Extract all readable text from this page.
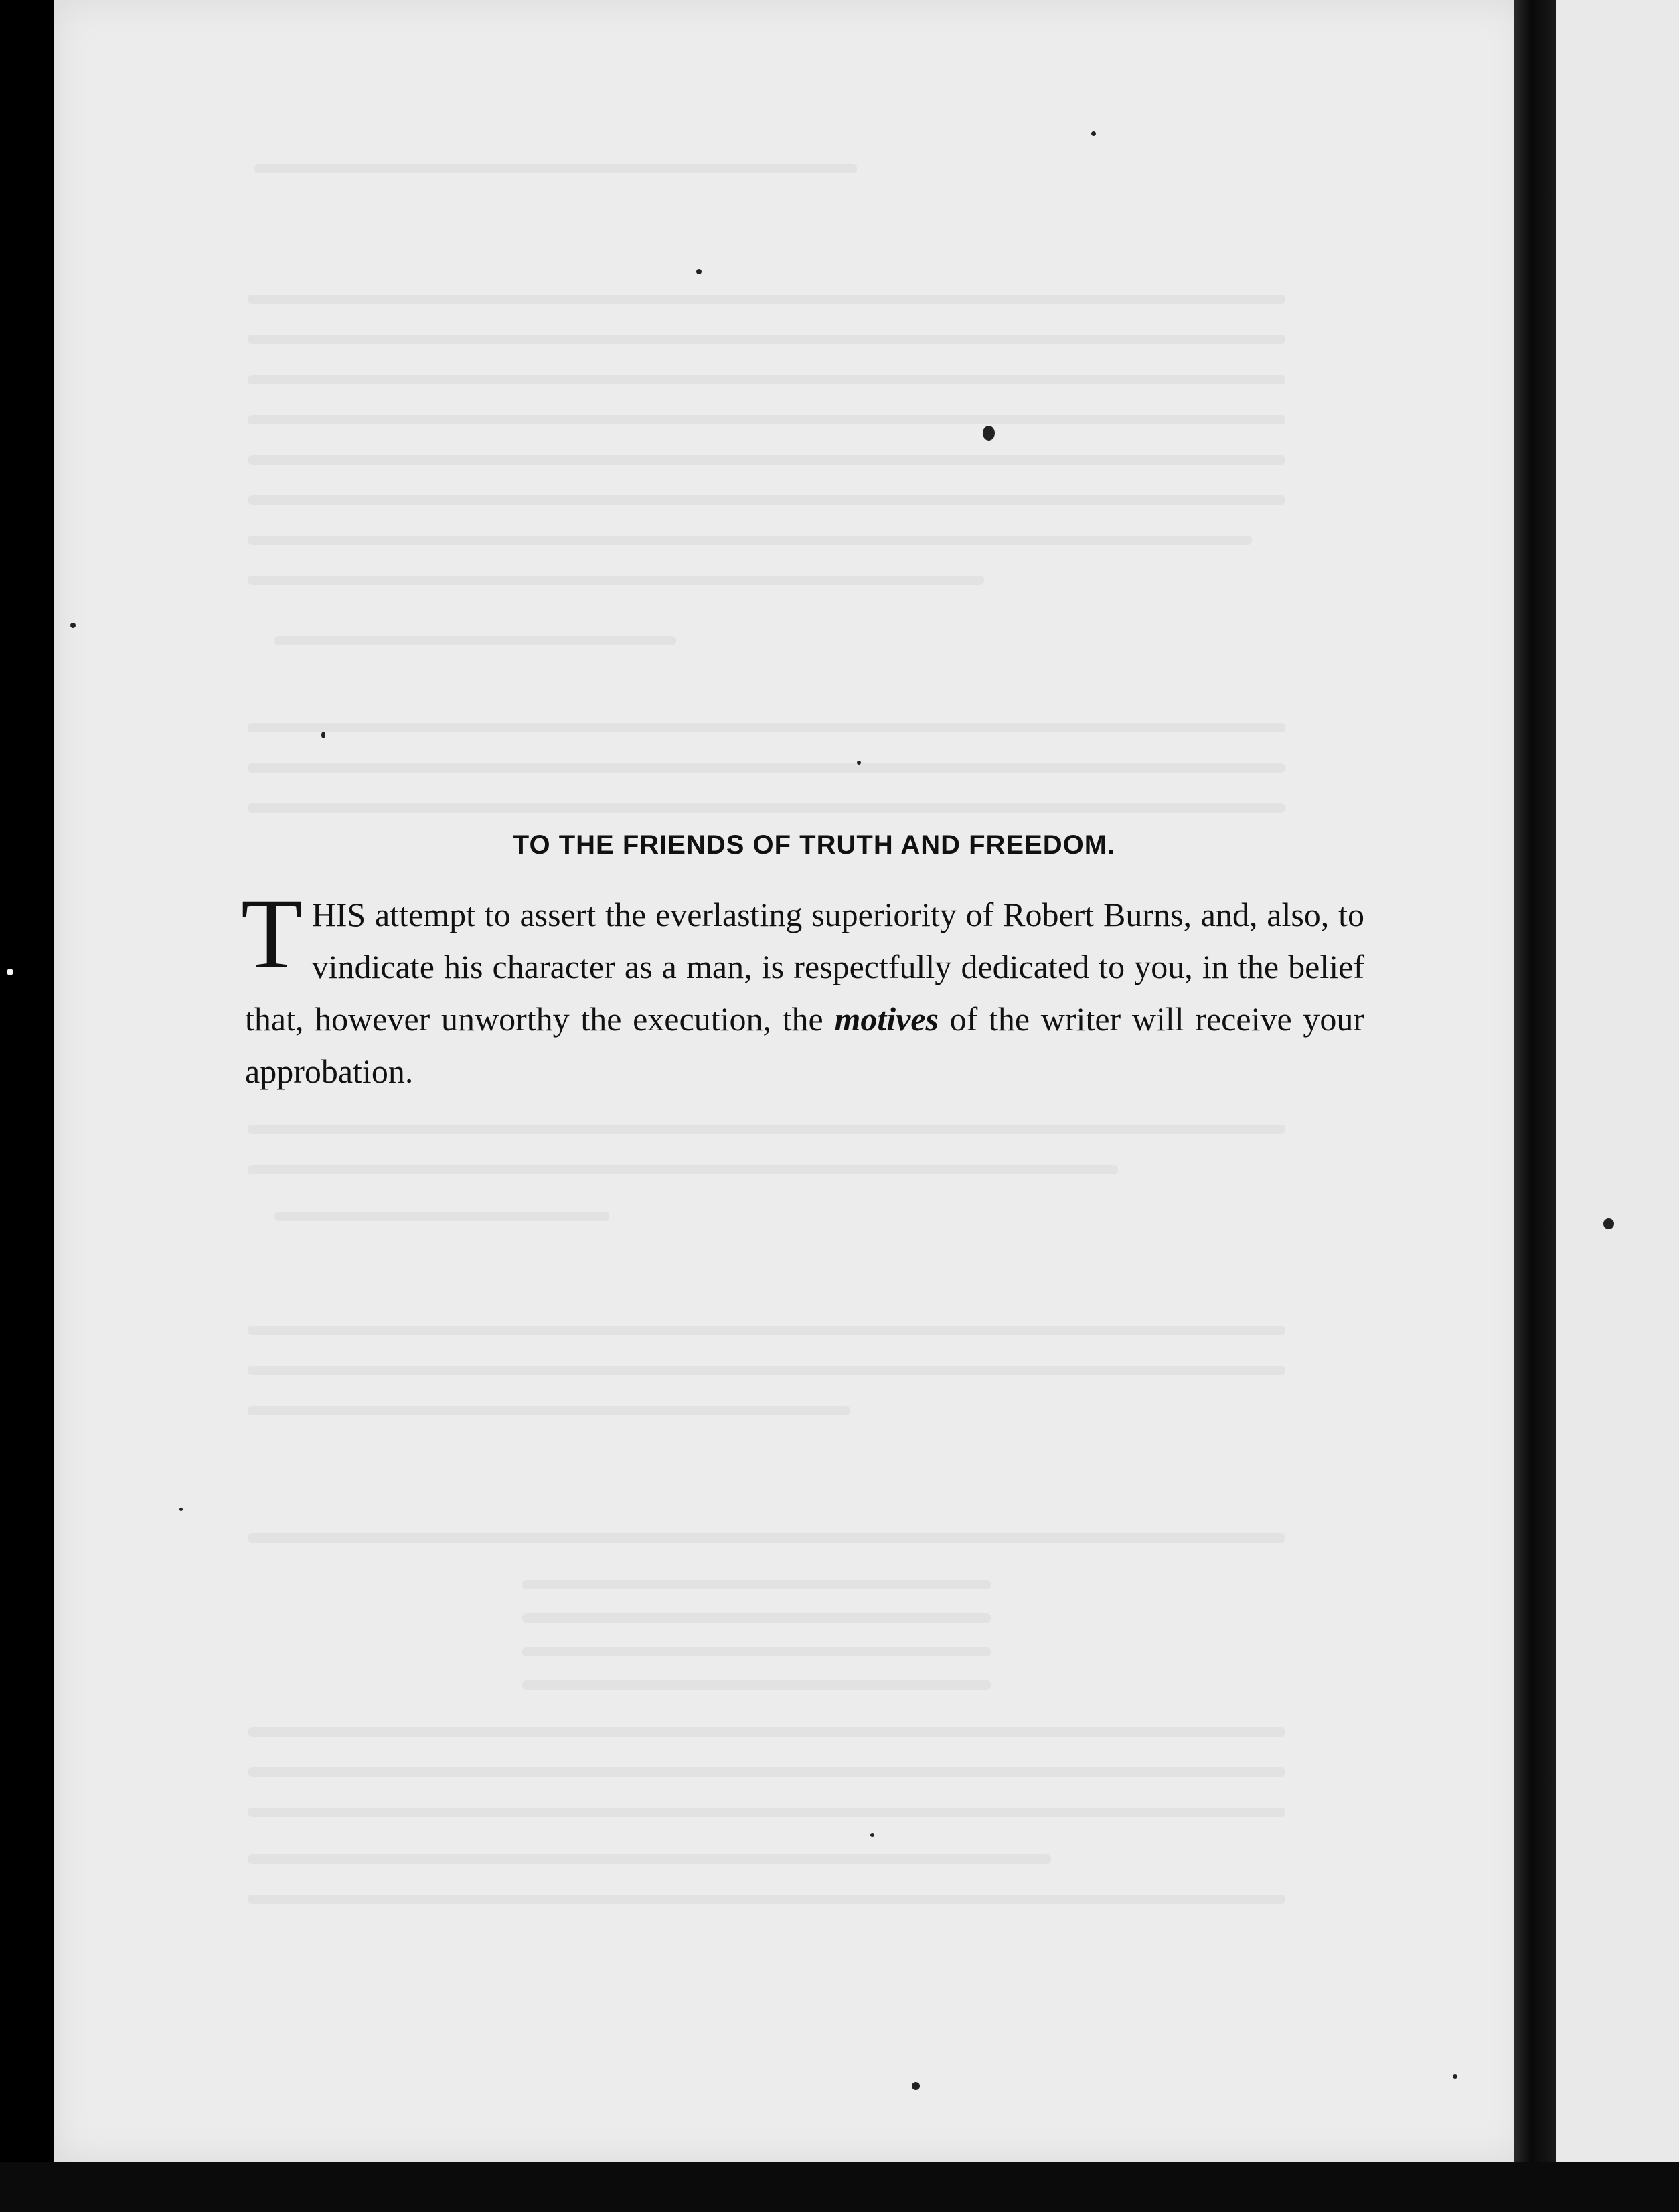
TO THE FRIENDS OF TRUTH AND FREEDOM.

THIS attempt to assert the everlasting superiority of Robert Burns, and, also, to vindicate his character as a man, is respectfully dedicated to you, in the belief that, however unworthy the execution, the motives of the writer will receive your approbation.
